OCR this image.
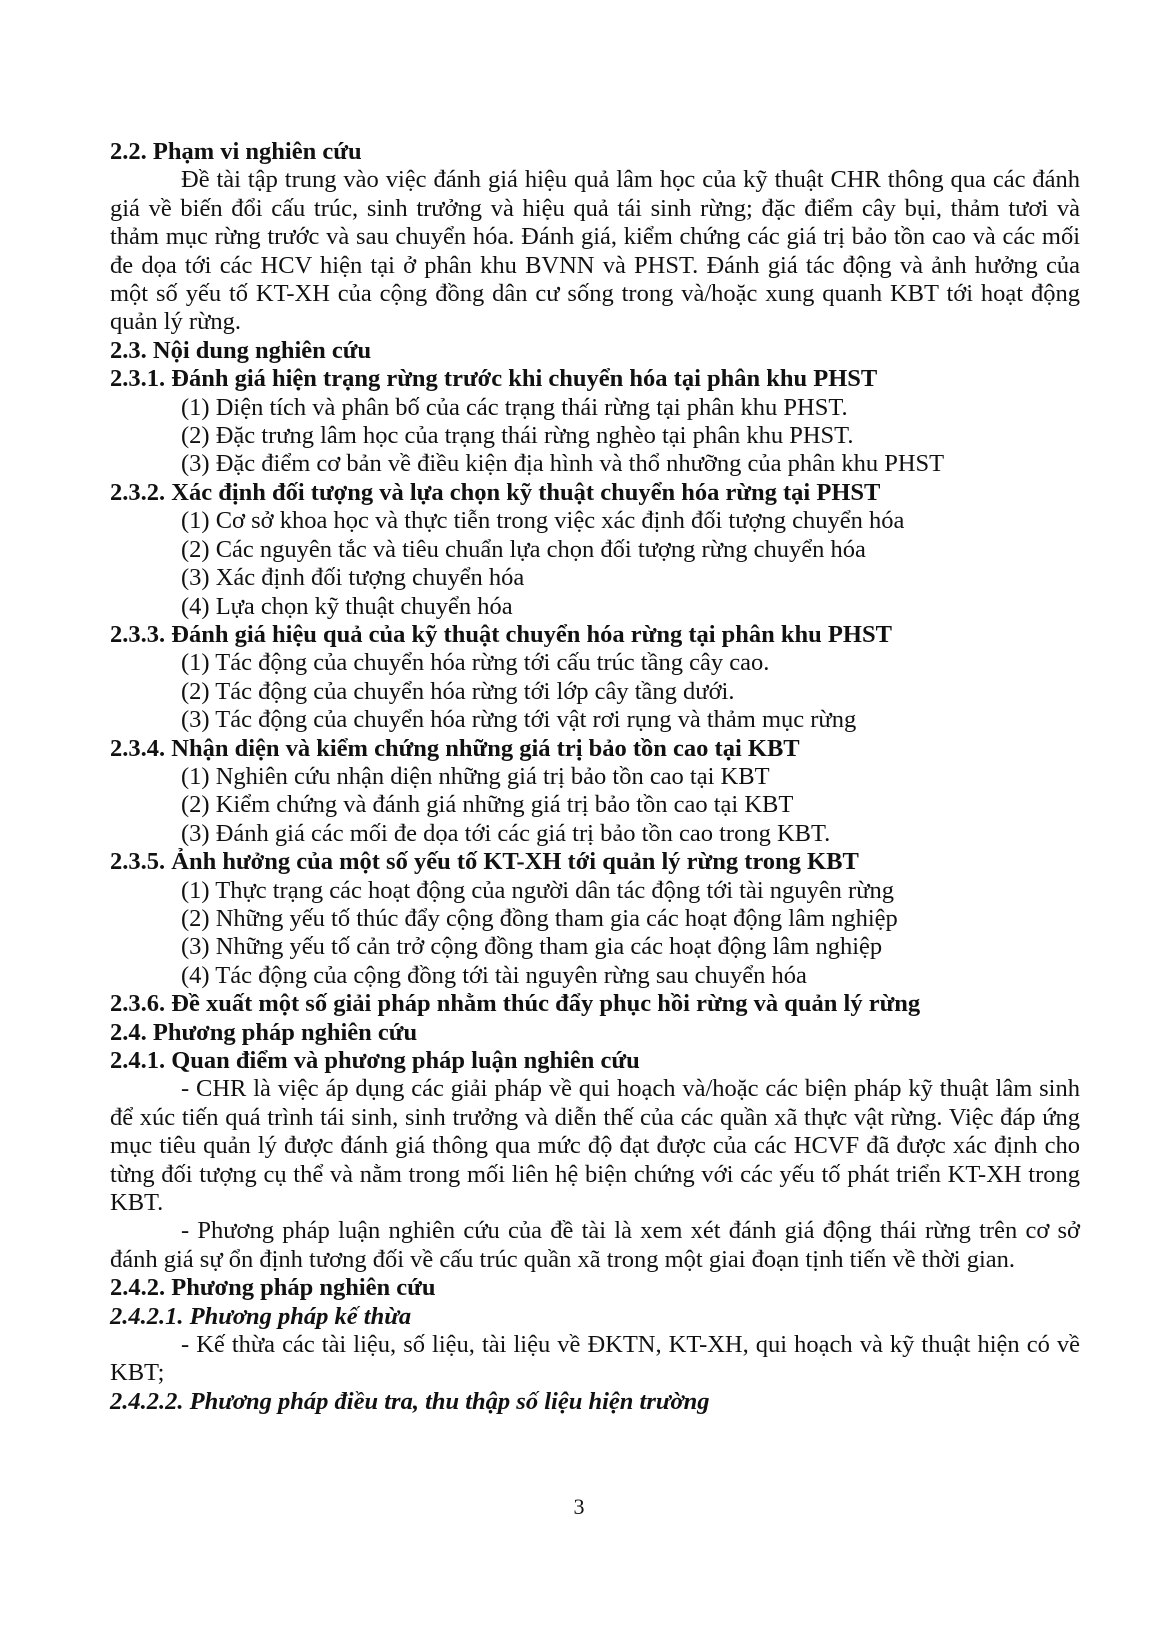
2.2. Phạm vi nghiên cứu
Đề tài tập trung vào việc đánh giá hiệu quả lâm học của kỹ thuật CHR thông qua các đánh giá về biến đổi cấu trúc, sinh trưởng và hiệu quả tái sinh rừng; đặc điểm cây bụi, thảm tươi và thảm mục rừng trước và sau chuyển hóa. Đánh giá, kiểm chứng các giá trị bảo tồn cao và các mối đe dọa tới các HCV hiện tại ở phân khu BVNN và PHST. Đánh giá tác động và ảnh hưởng của một số yếu tố KT-XH của cộng đồng dân cư sống trong và/hoặc xung quanh KBT tới hoạt động quản lý rừng.
2.3. Nội dung nghiên cứu
2.3.1. Đánh giá hiện trạng rừng trước khi chuyển hóa tại phân khu PHST
(1) Diện tích và phân bố của các trạng thái rừng tại phân khu PHST.
(2) Đặc trưng lâm học của trạng thái rừng nghèo tại phân khu PHST.
(3) Đặc điểm cơ bản về điều kiện địa hình và thổ nhưỡng của phân khu PHST
2.3.2. Xác định đối tượng và lựa chọn kỹ thuật chuyển hóa rừng tại PHST
(1) Cơ sở khoa học và thực tiễn trong việc xác định đối tượng chuyển hóa
(2) Các nguyên tắc và tiêu chuẩn lựa chọn đối tượng rừng chuyển hóa
(3) Xác định đối tượng chuyển hóa
(4) Lựa chọn kỹ thuật chuyển hóa
2.3.3. Đánh giá hiệu quả của kỹ thuật chuyển hóa rừng tại phân khu PHST
(1) Tác động của chuyển hóa rừng tới cấu trúc tầng cây cao.
(2) Tác động của chuyển hóa rừng tới lớp cây tầng dưới.
(3) Tác động của chuyển hóa rừng tới vật rơi rụng và thảm mục rừng
2.3.4. Nhận diện và kiểm chứng những giá trị bảo tồn cao tại KBT
(1) Nghiên cứu nhận diện những giá trị bảo tồn cao tại KBT
(2) Kiểm chứng và đánh giá những giá trị bảo tồn cao tại KBT
(3) Đánh giá các mối đe dọa tới các giá trị bảo tồn cao trong KBT.
2.3.5. Ảnh hưởng của một số yếu tố KT-XH tới quản lý rừng trong KBT
(1) Thực trạng các hoạt động của người dân tác động tới tài nguyên rừng
(2) Những yếu tố thúc đẩy cộng đồng tham gia các hoạt động lâm nghiệp
(3) Những yếu tố cản trở cộng đồng tham gia các hoạt động lâm nghiệp
(4) Tác động của cộng đồng tới tài nguyên rừng sau chuyển hóa
2.3.6. Đề xuất một số giải pháp nhằm thúc đẩy phục hồi rừng và quản lý rừng
2.4. Phương pháp nghiên cứu
2.4.1. Quan điểm và phương pháp luận nghiên cứu
- CHR là việc áp dụng các giải pháp về qui hoạch và/hoặc các biện pháp kỹ thuật lâm sinh để xúc tiến quá trình tái sinh, sinh trưởng và diễn thế của các quần xã thực vật rừng. Việc đáp ứng mục tiêu quản lý được đánh giá thông qua mức độ đạt được của các HCVF đã được xác định cho từng đối tượng cụ thể và nằm trong mối liên hệ biện chứng với các yếu tố phát triển KT-XH trong KBT.
- Phương pháp luận nghiên cứu của đề tài là xem xét đánh giá động thái rừng trên cơ sở đánh giá sự ổn định tương đối về cấu trúc quần xã trong một giai đoạn tịnh tiến về thời gian.
2.4.2. Phương pháp nghiên cứu
2.4.2.1. Phương pháp kế thừa
- Kế thừa các tài liệu, số liệu, tài liệu về ĐKTN, KT-XH, qui hoạch và kỹ thuật hiện có về KBT;
2.4.2.2. Phương pháp điều tra, thu thập số liệu hiện trường
3
